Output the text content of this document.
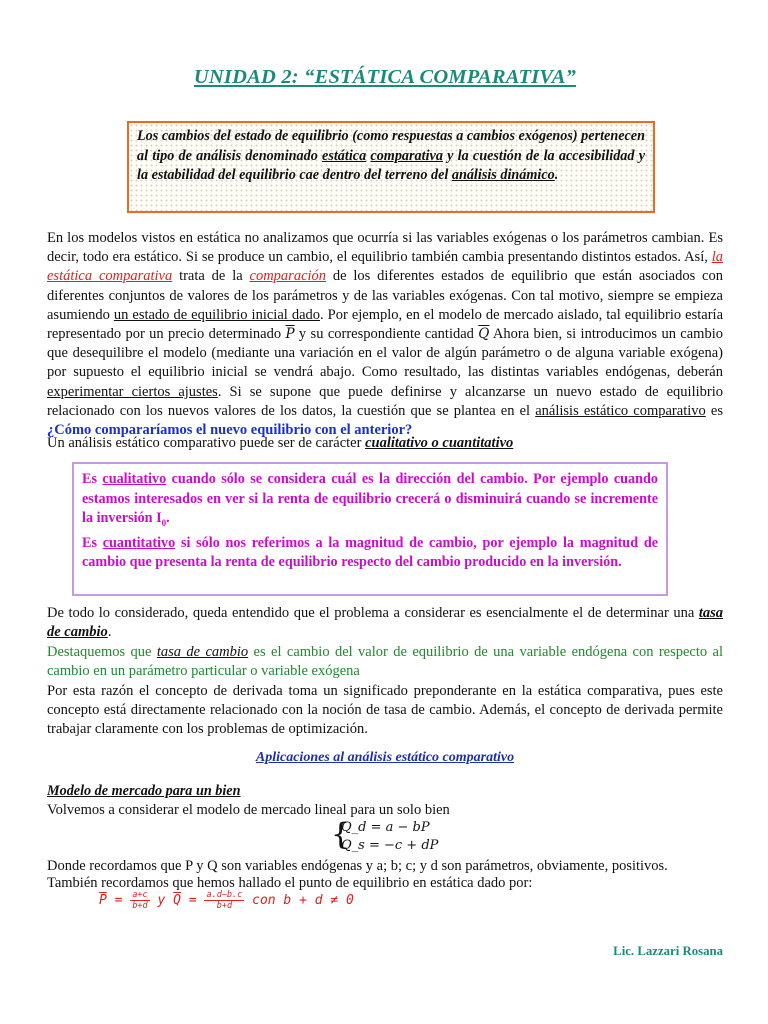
UNIDAD 2: “ESTÁTICA COMPARATIVA”
Los cambios del estado de equilibrio (como respuestas a cambios exógenos) pertenecen al tipo de análisis denominado estática comparativa y la cuestión de la accesibilidad y la estabilidad del equilibrio cae dentro del terreno del análisis dinámico.
En los modelos vistos en estática no analizamos que ocurría si las variables exógenas o los parámetros cambian. Es decir, todo era estático. Si se produce un cambio, el equilibrio también cambia presentando distintos estados. Así, la estática comparativa trata de la comparación de los diferentes estados de equilibrio que están asociados con diferentes conjuntos de valores de los parámetros y de las variables exógenas. Con tal motivo, siempre se empieza asumiendo un estado de equilibrio inicial dado. Por ejemplo, en el modelo de mercado aislado, tal equilibrio estaría representado por un precio determinado $\overline{P}$ y su correspondiente cantidad $\overline{Q}$ Ahora bien, si introducimos un cambio que desequilibre el modelo (mediante una variación en el valor de algún parámetro o de alguna variable exógena) por supuesto el equilibrio inicial se vendrá abajo. Como resultado, las distintas variables endógenas, deberán experimentar ciertos ajustes. Si se supone que puede definirse y alcanzarse un nuevo estado de equilibrio relacionado con los nuevos valores de los datos, la cuestión que se plantea en el análisis estático comparativo es ¿Cómo compararíamos el nuevo equilibrio con el anterior?
Un análisis estático comparativo puede ser de carácter cualitativo o cuantitativo
Es cualitativo cuando sólo se considera cuál es la dirección del cambio. Por ejemplo cuando estamos interesados en ver si la renta de equilibrio crecerá o disminuirá cuando se incremente la inversión $I_0$.
Es cuantitativo si sólo nos referimos a la magnitud de cambio, por ejemplo la magnitud de cambio que presenta la renta de equilibrio respecto del cambio producido en la inversión.
De todo lo considerado, queda entendido que el problema a considerar es esencialmente el de determinar una tasa de cambio.
Destaquemos que tasa de cambio es el cambio del valor de equilibrio de una variable endógena con respecto al cambio en un parámetro particular o variable exógena
Por esta razón el concepto de derivada toma un significado preponderante en la estática comparativa, pues este concepto está directamente relacionado con la noción de tasa de cambio. Además, el concepto de derivada permite trabajar claramente con los problemas de optimización.
Aplicaciones al análisis estático comparativo
Modelo de mercado para un bien
Volvemos a considerar el modelo de mercado lineal para un solo bien
{
Q_d = a − bP
Q_s = −c + dP
Donde recordamos que P y Q son variables endógenas y a; b; c; y d son parámetros, obviamente, positivos.
También recordamos que hemos hallado el punto de equilibrio en estática dado por:
$\overline{P} = \frac{a+c}{b+d}$ y $\overline{Q} = \frac{a.d-b.c}{b+d}$ con b + d ≠ 0
Lic. Lazzari Rosana
